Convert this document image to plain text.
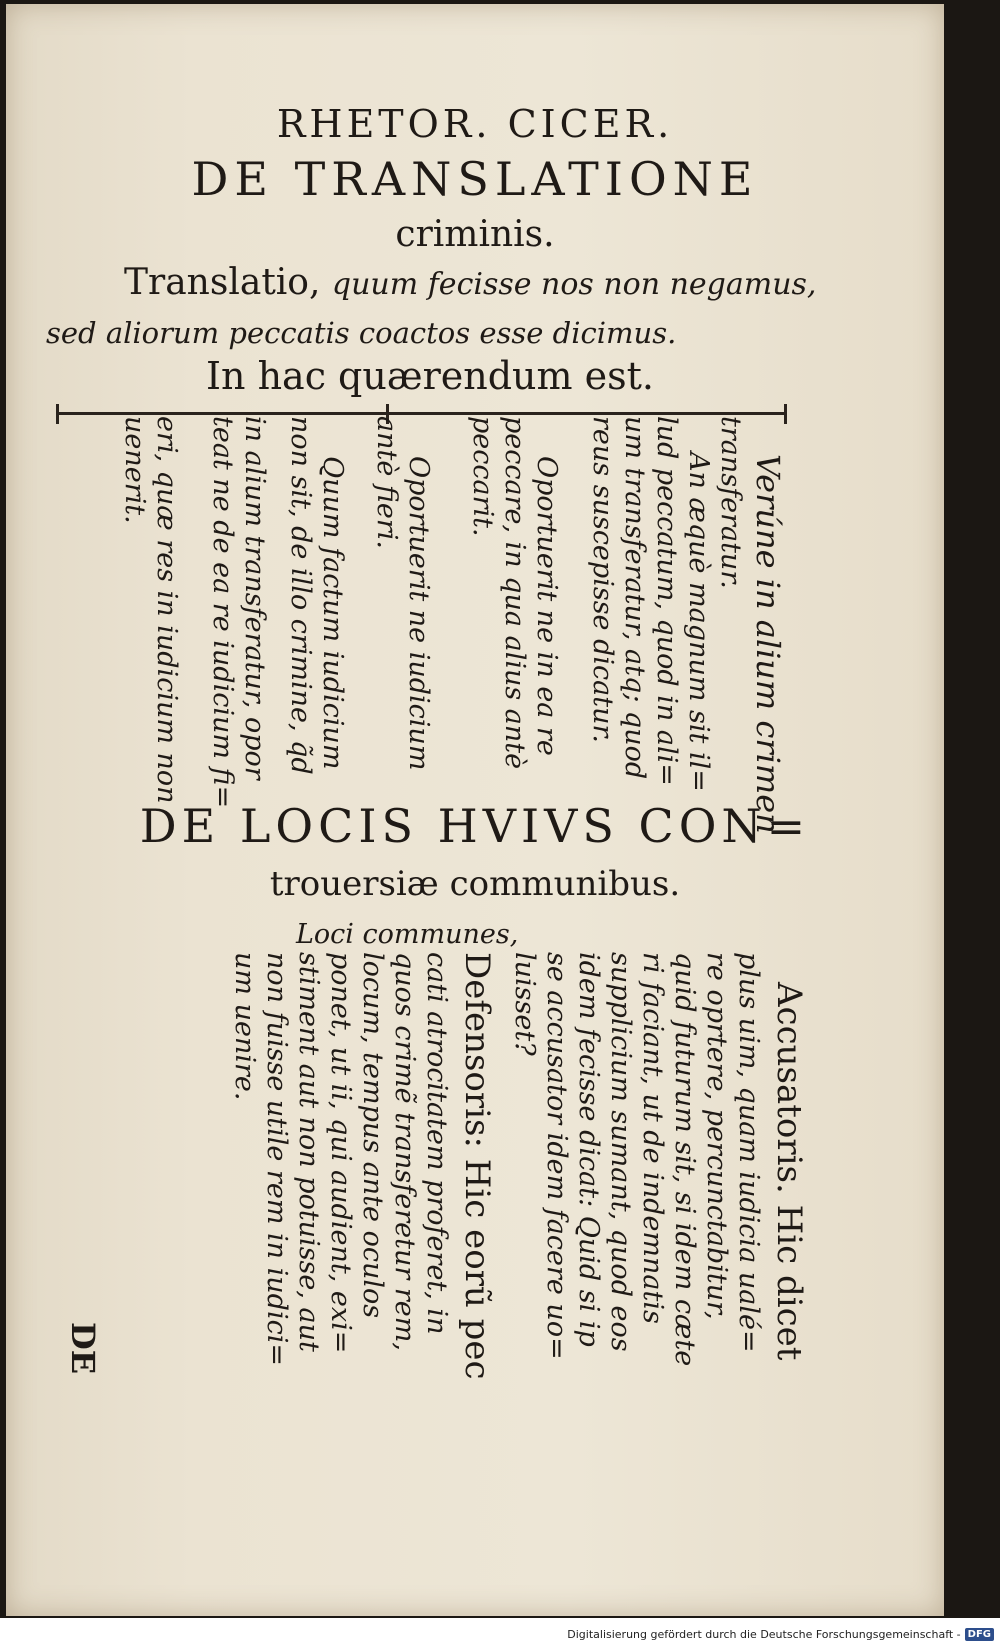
RHETOR. CICER.
DE TRANSLATIONE
criminis.
Translatio, quum fecisse nos non negamus,
sed aliorum peccatis coactos esse dicimus.
In hac quærendum est.
Verúne in alium crimen
transferatur.
An æquè magnum sit il=
lud peccatum, quod in ali=
um transferatur, atq; quod
reus suscepisse dicatur.
Oportuerit ne in ea re
peccare, in qua alius antè
peccarit.
Oportuerit ne iudicium
antè fieri.
Quum factum iudicium
non sit, de illo crimine, q̃d
in alium transferatur, opor
teat ne de ea re iudicium fi=
eri, quæ res in iudicium non
uenerit.
DE LOCIS HVIVS CON=
trouersiæ communibus.
Loci communes,
Accusatoris. Hic dicet
plus uim, quam iudicia ualé=
re oprtere, percunctabitur,
quid futurum sit, si idem cæte
ri faciant, ut de indemnatis
supplicium sumant, quod eos
idem fecisse dicat: Quid si ip
se accusator idem facere uo=
luisset?
Defensoris: Hic eorũ pec
cati atrocitatem proferet, in
quos crimẽ transferetur rem,
locum, tempus ante oculos
ponet, ut ii, qui audient, exi=
stiment aut non potuisse, aut
non fuisse utile rem in iudici=
um uenire.
DE
Digitalisierung gefördert durch die Deutsche Forschungsgemeinschaft - DFG
